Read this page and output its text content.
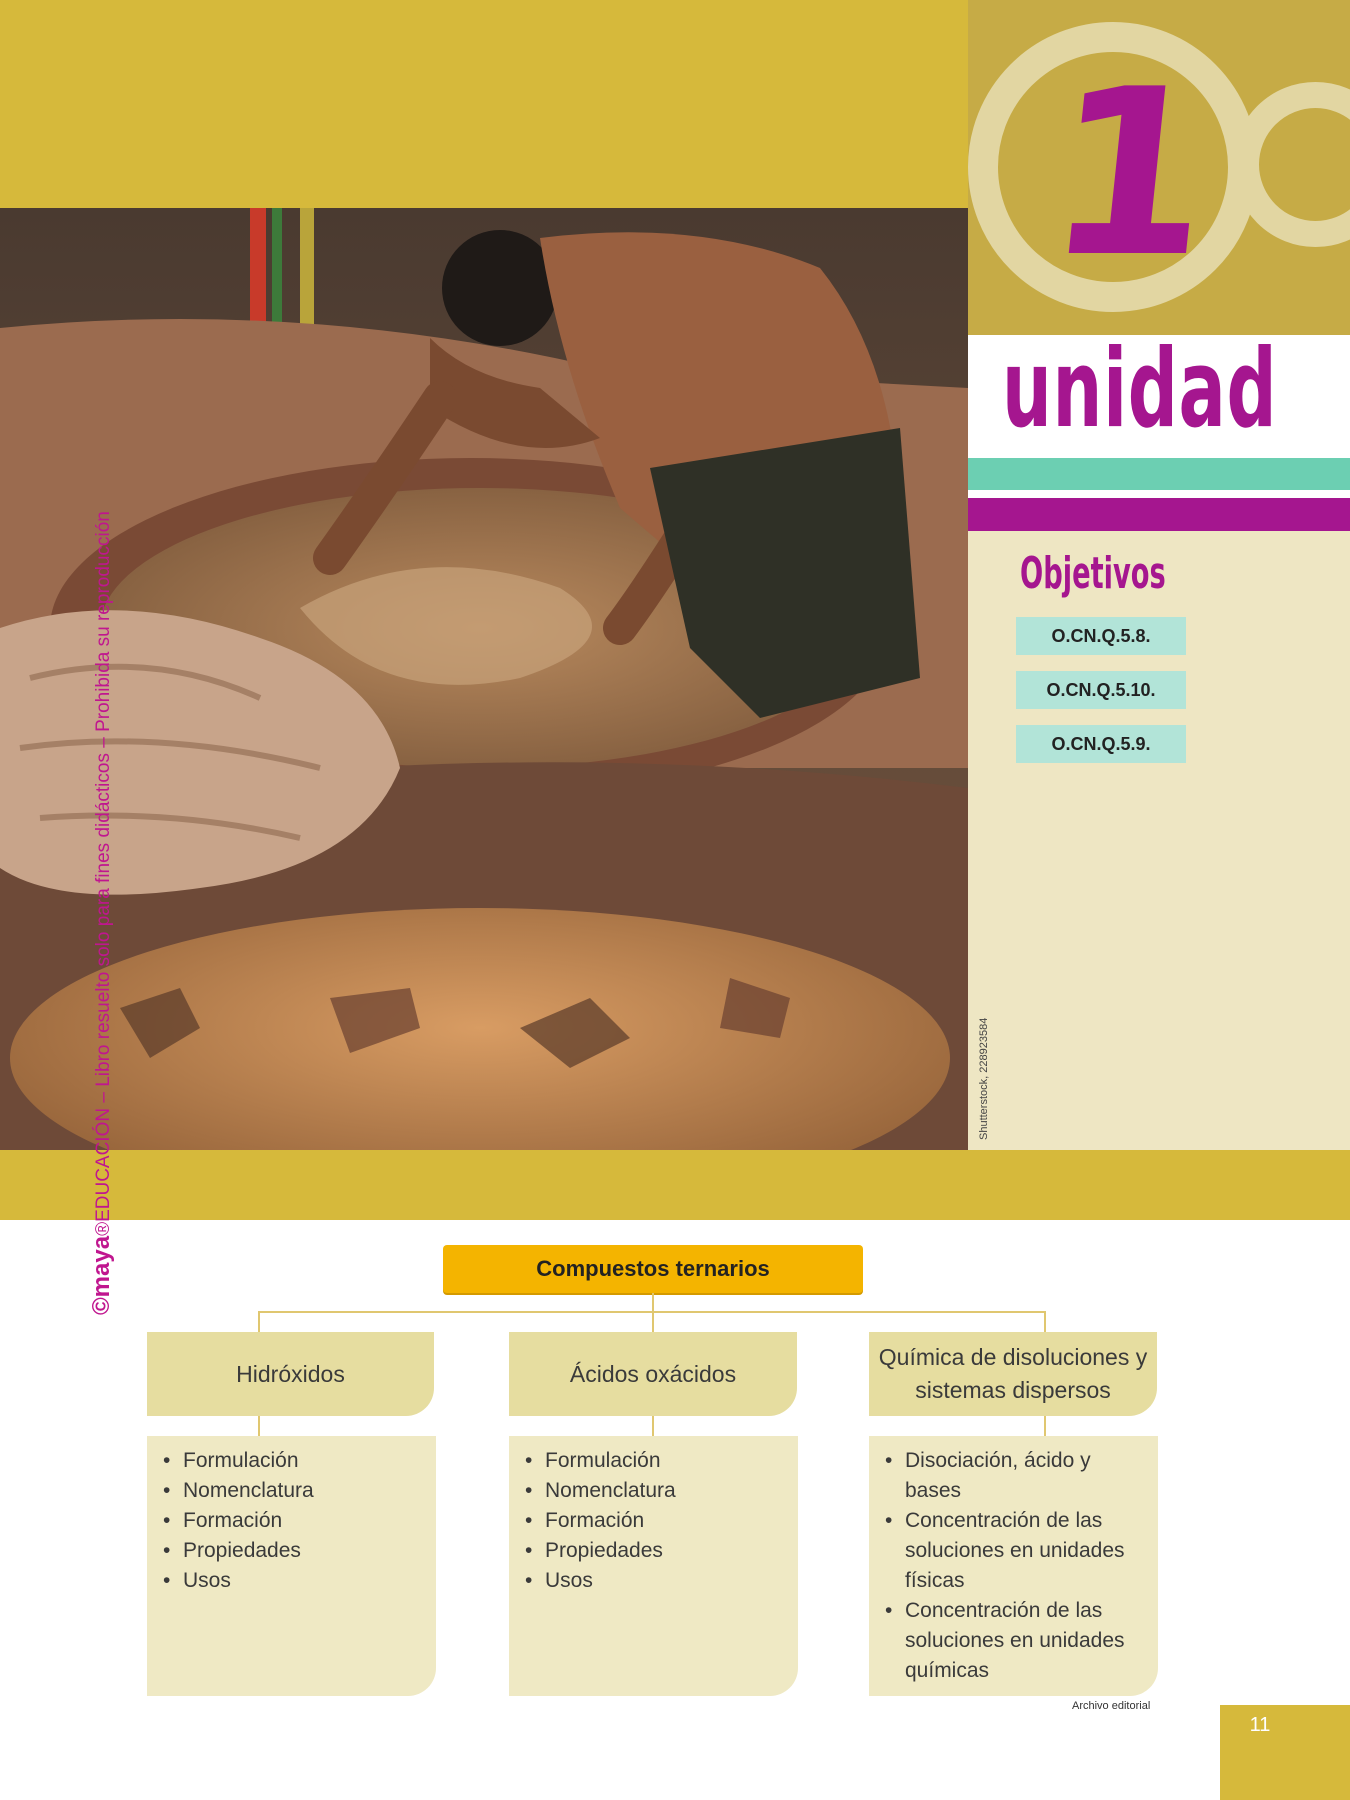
1
unidad
Objetivos
O.CN.Q.5.8.
O.CN.Q.5.10.
O.CN.Q.5.9.
Shutterstock, 228923584
©maya®EDUCACIÓN – Libro resuelto solo para fines didácticos – Prohibida su reproducción
Compuestos ternarios
Hidróxidos	Ácidos oxácidos
Química de disoluciones y sistemas dispersos
• Formulación
• Nomenclatura
• Formación
• Propiedades
• Usos
• Formulación
• Nomenclatura
• Formación
• Propiedades
• Usos
• Disociación, ácido y bases
• Concentración de las soluciones en unidades físicas
• Concentración de las soluciones en unidades químicas
Archivo editorial
11
